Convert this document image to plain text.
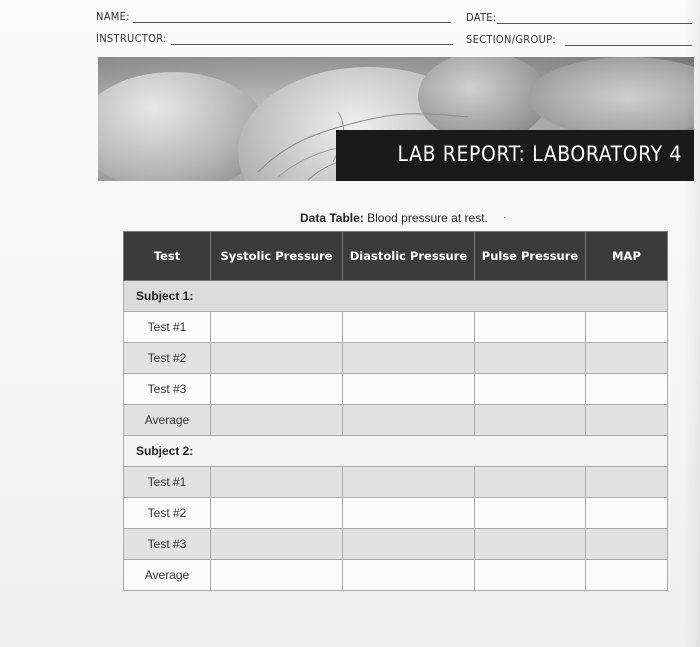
NAME:	DATE:
INSTRUCTOR:	SECTION/GROUP:
LAB REPORT: LABORATORY 4
Data Table: Blood pressure at rest. ·
Test	Systolic Pressure	Diastolic Pressure	Pulse Pressure	MAP
Subject 1:				
Test #1				
Test #2				
Test #3				
Average				
Subject 2:				
Test #1				
Test #2				
Test #3				
Average				
